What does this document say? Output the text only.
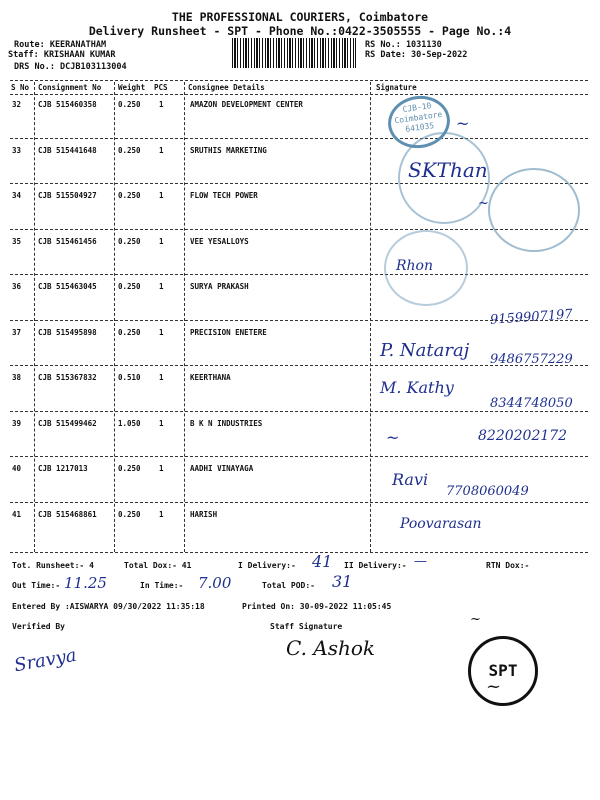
THE PROFESSIONAL COURIERS, Coimbatore
Delivery Runsheet - SPT - Phone No.:0422-3505555 - Page No.:4
Route: KEERANATHAM
Staff: KRISHAAN KUMAR
DRS No.: DCJB103113004
RS No.: 1031130
RS Date: 30-Sep-2022
S No Consignment No Weight PCS	Consignee Details	Signature
32 CJB 515460358	0.250 1	AMAZON DEVELOPMENT CENTER
33 CJB 515441648	0.250 1	SRUTHIS MARKETING
34 CJB 515504927	0.250 1	FLOW TECH POWER
35 CJB 515461456	0.250 1	VEE YESALLOYS
36 CJB 515463045	0.250 1	SURYA PRAKASH
37 CJB 515495898	0.250 1	PRECISION ENETERE
38 CJB 515367832	0.510 1	KEERTHANA
39 CJB 515499462	1.050 1	B K N INDUSTRIES
40 CJB 1217013	0.250 1	AADHI VINAYAGA
41 CJB 515468861	0.250 1	HARISH
CJB-10 Coimbatore 641035	~
SKThan
~
Rhon
9159907197
P. Nataraj 9486757229
M. Kathy
8344748050
~	8220202172
Ravi
7708060049
Poovarasan
Tot. Runsheet:- 4	Total Dox:- 41	I Delivery:- 41 II Delivery:- —	RTN Dox:-
Out Time:- 11.25	In Time:- 7.00	Total POD:- 31
Entered By :AISWARYA 09/30/2022 11:35:18	Printed On: 30-09-2022 11:05:45
Verified By	Staff Signature
Sravya	C. Ashok
~
SPT
~
